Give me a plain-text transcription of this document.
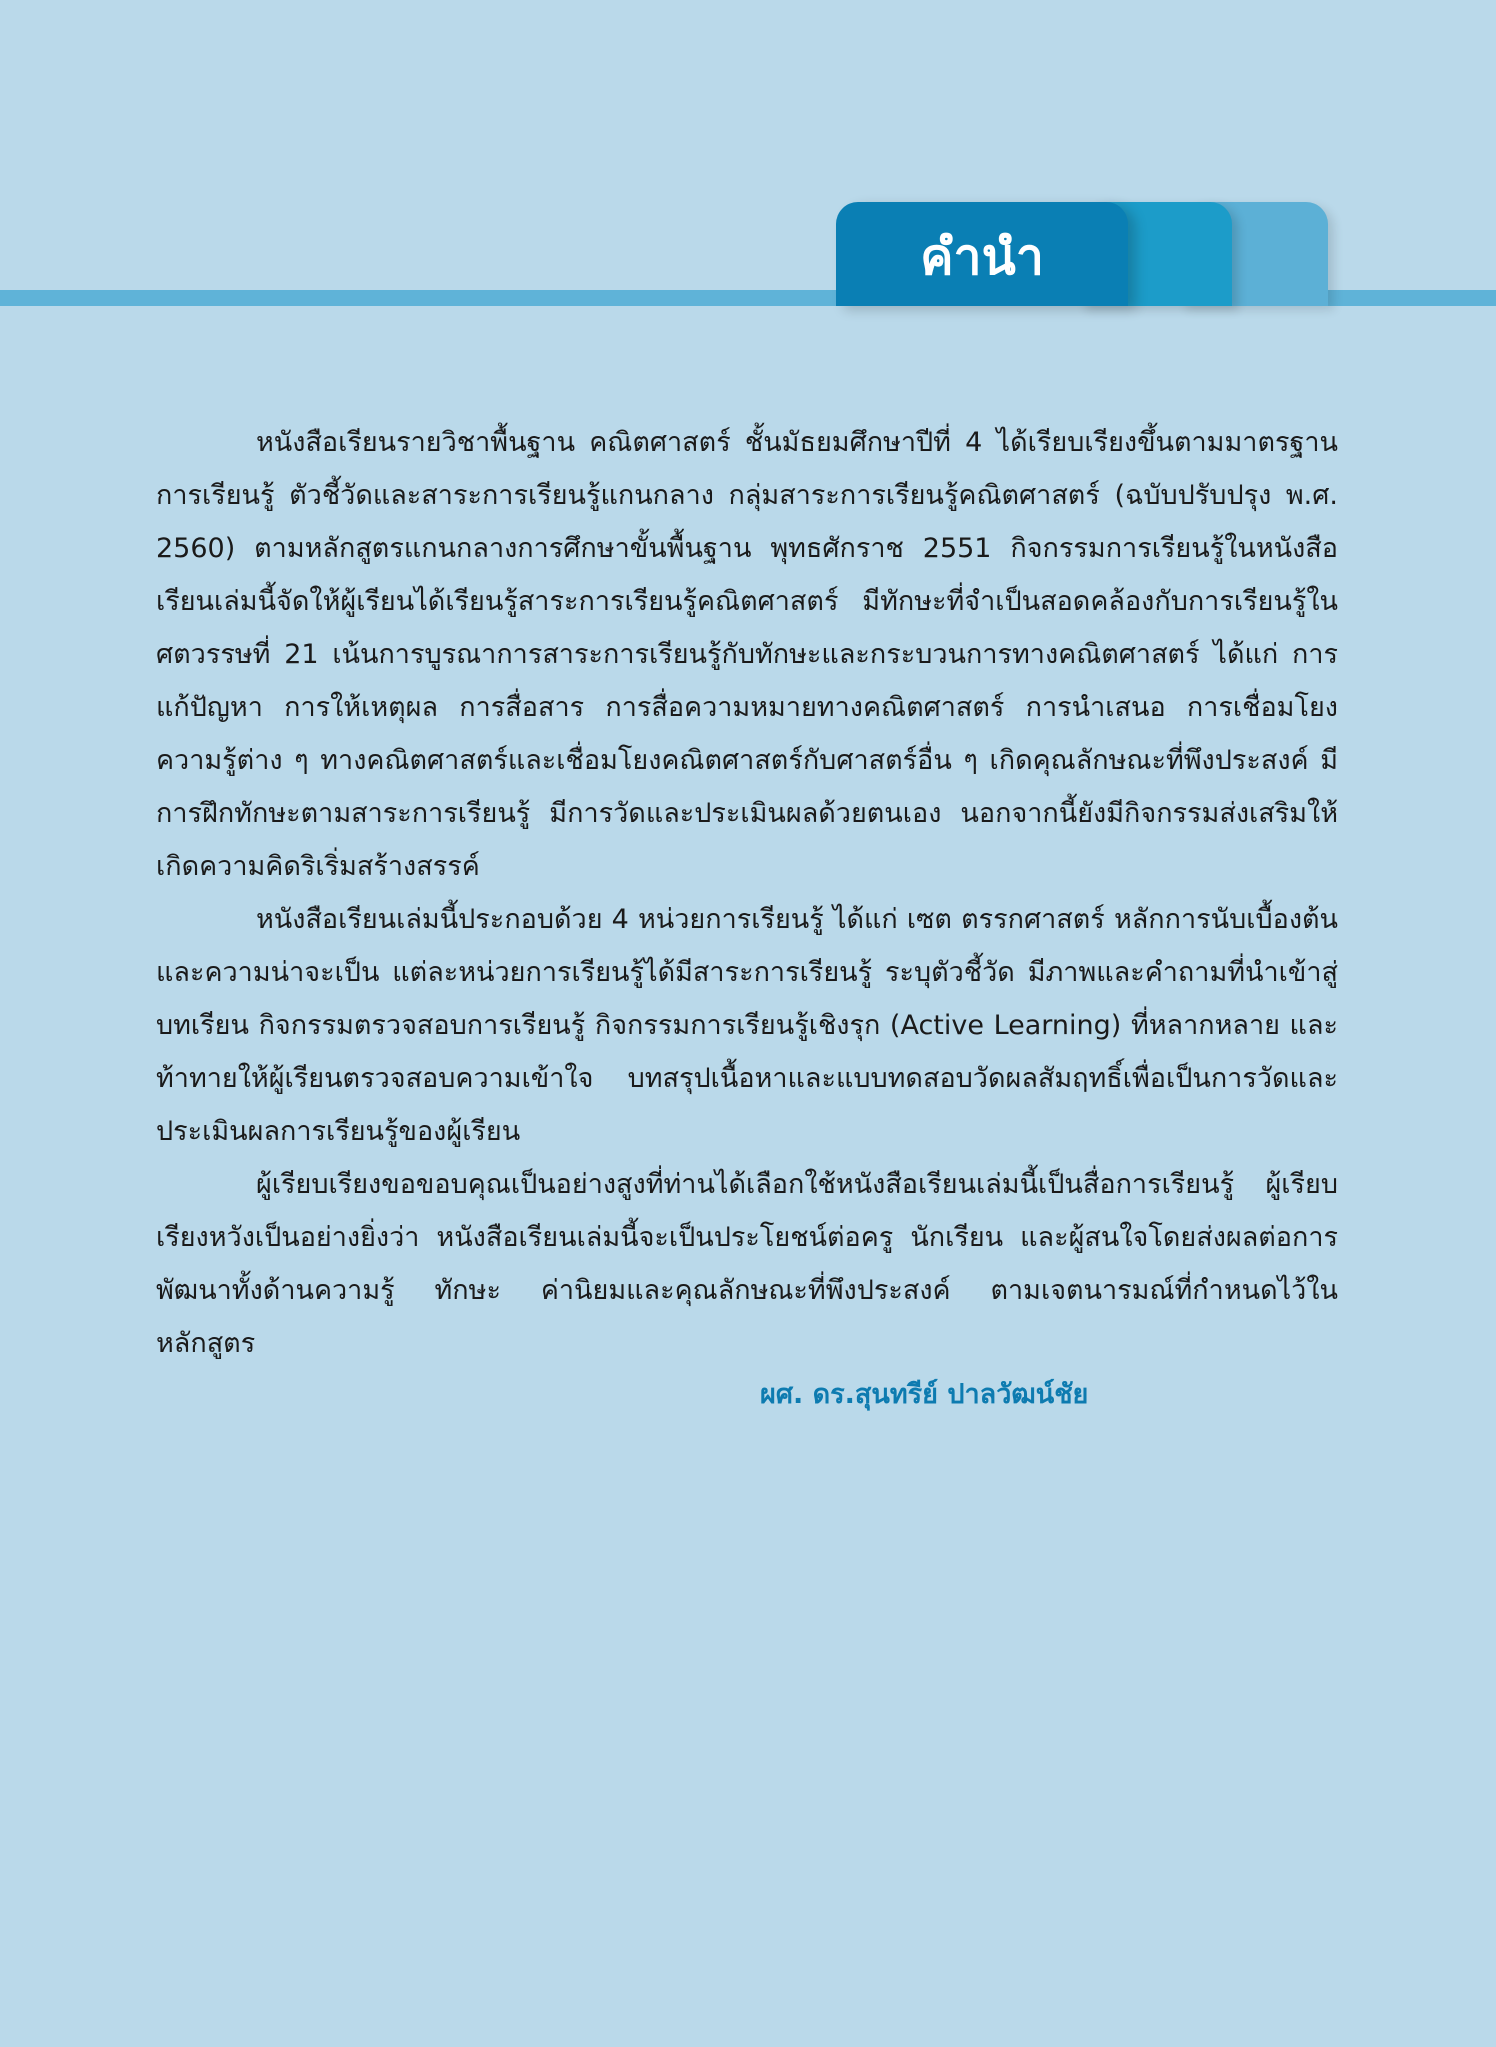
คำนำ

หนังสือเรียนรายวิชาพื้นฐาน คณิตศาสตร์ ชั้นมัธยมศึกษาปีที่ 4 ได้เรียบเรียงขึ้นตามมาตรฐานการเรียนรู้ ตัวชี้วัดและสาระการเรียนรู้แกนกลาง กลุ่มสาระการเรียนรู้คณิตศาสตร์ (ฉบับปรับปรุง พ.ศ. 2560) ตามหลักสูตรแกนกลางการศึกษาขั้นพื้นฐาน พุทธศักราช 2551 กิจกรรมการเรียนรู้ในหนังสือเรียนเล่มนี้จัดให้ผู้เรียนได้เรียนรู้สาระการเรียนรู้คณิตศาสตร์ มีทักษะที่จำเป็นสอดคล้องกับการเรียนรู้ในศตวรรษที่ 21 เน้นการบูรณาการสาระการเรียนรู้กับทักษะและกระบวนการทางคณิตศาสตร์ ได้แก่ การแก้ปัญหา การให้เหตุผล การสื่อสาร การสื่อความหมายทางคณิตศาสตร์ การนำเสนอ การเชื่อมโยงความรู้ต่าง ๆ ทางคณิตศาสตร์และเชื่อมโยงคณิตศาสตร์กับศาสตร์อื่น ๆ เกิดคุณลักษณะที่พึงประสงค์ มีการฝึกทักษะตามสาระการเรียนรู้ มีการวัดและประเมินผลด้วยตนเอง นอกจากนี้ยังมีกิจกรรมส่งเสริมให้เกิดความคิดริเริ่มสร้างสรรค์

หนังสือเรียนเล่มนี้ประกอบด้วย 4 หน่วยการเรียนรู้ ได้แก่ เซต ตรรกศาสตร์ หลักการนับเบื้องต้น และความน่าจะเป็น แต่ละหน่วยการเรียนรู้ได้มีสาระการเรียนรู้ ระบุตัวชี้วัด มีภาพและคำถามที่นำเข้าสู่บทเรียน กิจกรรมตรวจสอบการเรียนรู้ กิจกรรมการเรียนรู้เชิงรุก (Active Learning) ที่หลากหลาย และท้าทายให้ผู้เรียนตรวจสอบความเข้าใจ บทสรุปเนื้อหาและแบบทดสอบวัดผลสัมฤทธิ์เพื่อเป็นการวัดและประเมินผลการเรียนรู้ของผู้เรียน

ผู้เรียบเรียงขอขอบคุณเป็นอย่างสูงที่ท่านได้เลือกใช้หนังสือเรียนเล่มนี้เป็นสื่อการเรียนรู้ ผู้เรียบเรียงหวังเป็นอย่างยิ่งว่า หนังสือเรียนเล่มนี้จะเป็นประโยชน์ต่อครู นักเรียน และผู้สนใจโดยส่งผลต่อการพัฒนาทั้งด้านความรู้ ทักษะ ค่านิยมและคุณลักษณะที่พึงประสงค์ ตามเจตนารมณ์ที่กำหนดไว้ในหลักสูตร

ผศ. ดร.สุนทรีย์ ปาลวัฒน์ชัย
